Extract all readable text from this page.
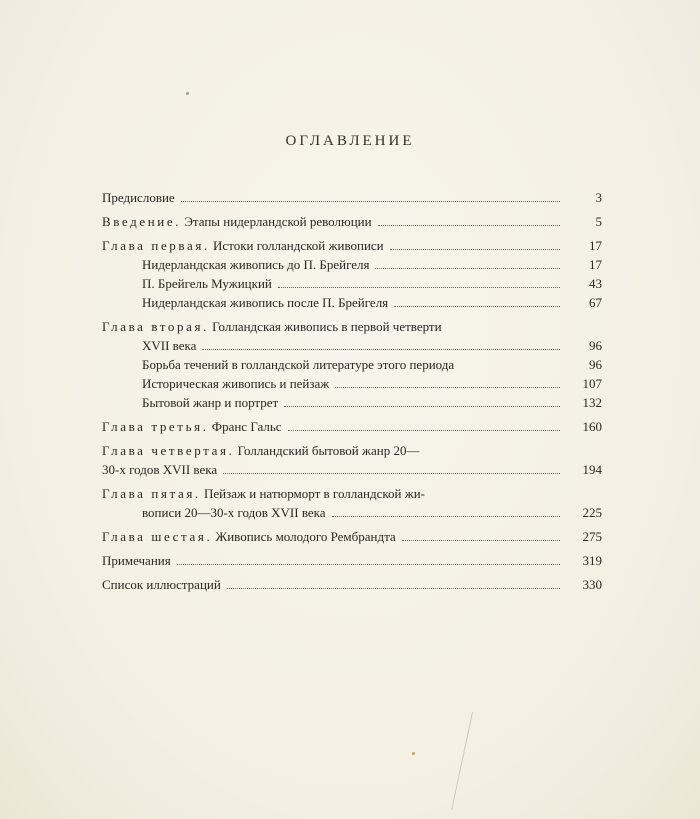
ОГЛАВЛЕНИЕ
Предисловие	3
Введение. Этапы нидерландской революции	5
Глава первая. Истоки голландской живописи	17
Нидерландская живопись до П. Брейгеля	17
П. Брейгель Мужицкий	43
Нидерландская живопись после П. Брейгеля	67
Глава вторая. Голландская живопись в первой четверти
XVII века	96
Борьба течений в голландской литературе этого периода	96
Историческая живопись и пейзаж	107
Бытовой жанр и портрет	132
Глава третья. Франс Гальс	160
Глава четвертая. Голландский бытовой жанр 20—
30-х годов XVII века	194
Глава пятая. Пейзаж и натюрморт в голландской жи-
вописи 20—30-х годов XVII века	225
Глава шестая. Живопись молодого Рембрандта	275
Примечания	319
Список иллюстраций	330
